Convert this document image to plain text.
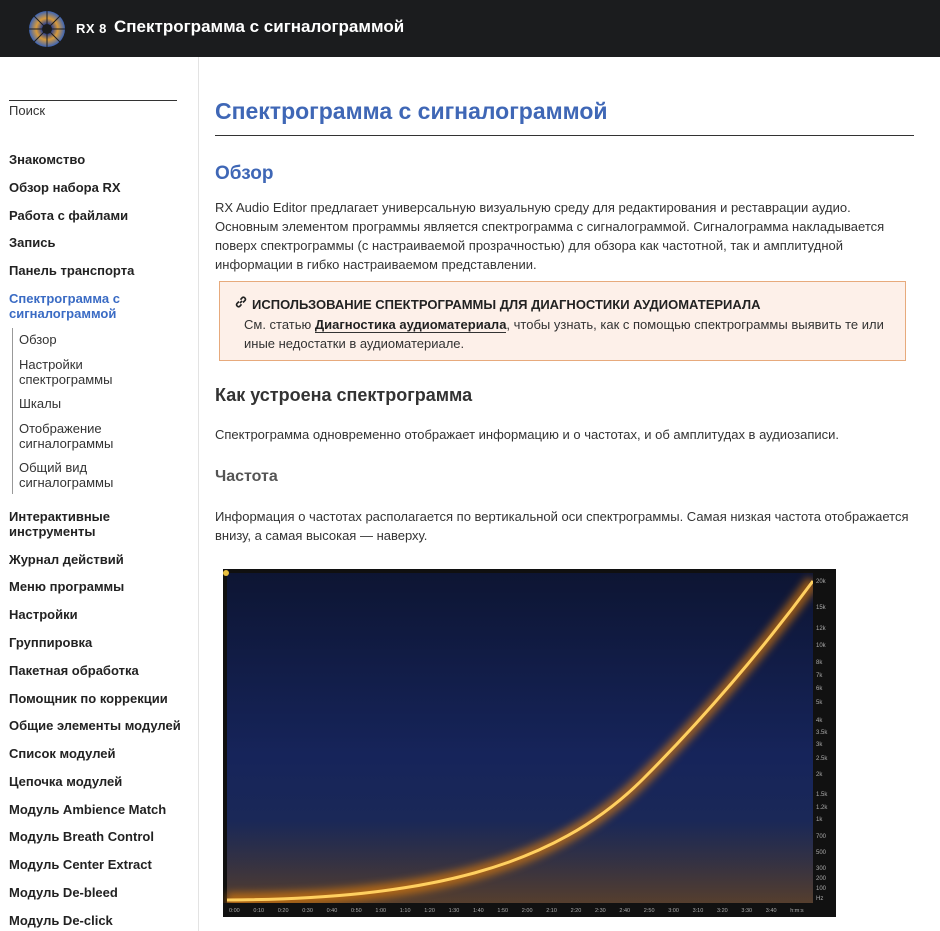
RX 8 Спектрограмма с сигналограммой
Поиск
Знакомство
Обзор набора RX
Работа с файлами
Запись
Панель транспорта
Спектрограмма с сигналограммой
Обзор
Настройки спектрограммы
Шкалы
Отображение сигналограммы
Общий вид сигналограммы
Интерактивные инструменты
Журнал действий
Меню программы
Настройки
Группировка
Пакетная обработка
Помощник по коррекции
Общие элементы модулей
Список модулей
Цепочка модулей
Модуль Ambience Match
Модуль Breath Control
Модуль Center Extract
Модуль De-bleed
Модуль De-click
Спектрограмма с сигналограммой
Обзор

RX Audio Editor предлагает универсальную визуальную среду для редактирования и реставрации аудио. Основным элементом программы является спектрограмма с сигналограммой. Сигналограмма накладывается поверх спектрограммы (с настраиваемой прозрачностью) для обзора как частотной, так и амплитудной информации в гибко настраиваемом представлении.

ИСПОЛЬЗОВАНИЕ СПЕКТРОГРАММЫ ДЛЯ ДИАГНОСТИКИ АУДИОМАТЕРИАЛА
См. статью Диагностика аудиоматериала, чтобы узнать, как с помощью спектрограммы выявить те или иные недостатки в аудиоматериале.
Как устроена спектрограмма

Спектрограмма одновременно отображает информацию и о частотах, и об амплитудах в аудиозаписи.

Частота

Информация о частотах располагается по вертикальной оси спектрограммы. Самая низкая частота отображается внизу, а самая высокая — наверху.

20k
15k
12k
10k
8k
7k
6k
5k
4k
3.5k
3k
2.5k
2k
1.5k
1.2k
1k
700
500
300
200
100
Hz
0:00 0:10 0:20 0:30 0:40 0:50 1:00 1:10 1:20 1:30 1:40 1:50 2:00 2:10 2:20 2:30 2:40 2:50 3:00 3:10 3:20 3:30 3:40 h:m:s
